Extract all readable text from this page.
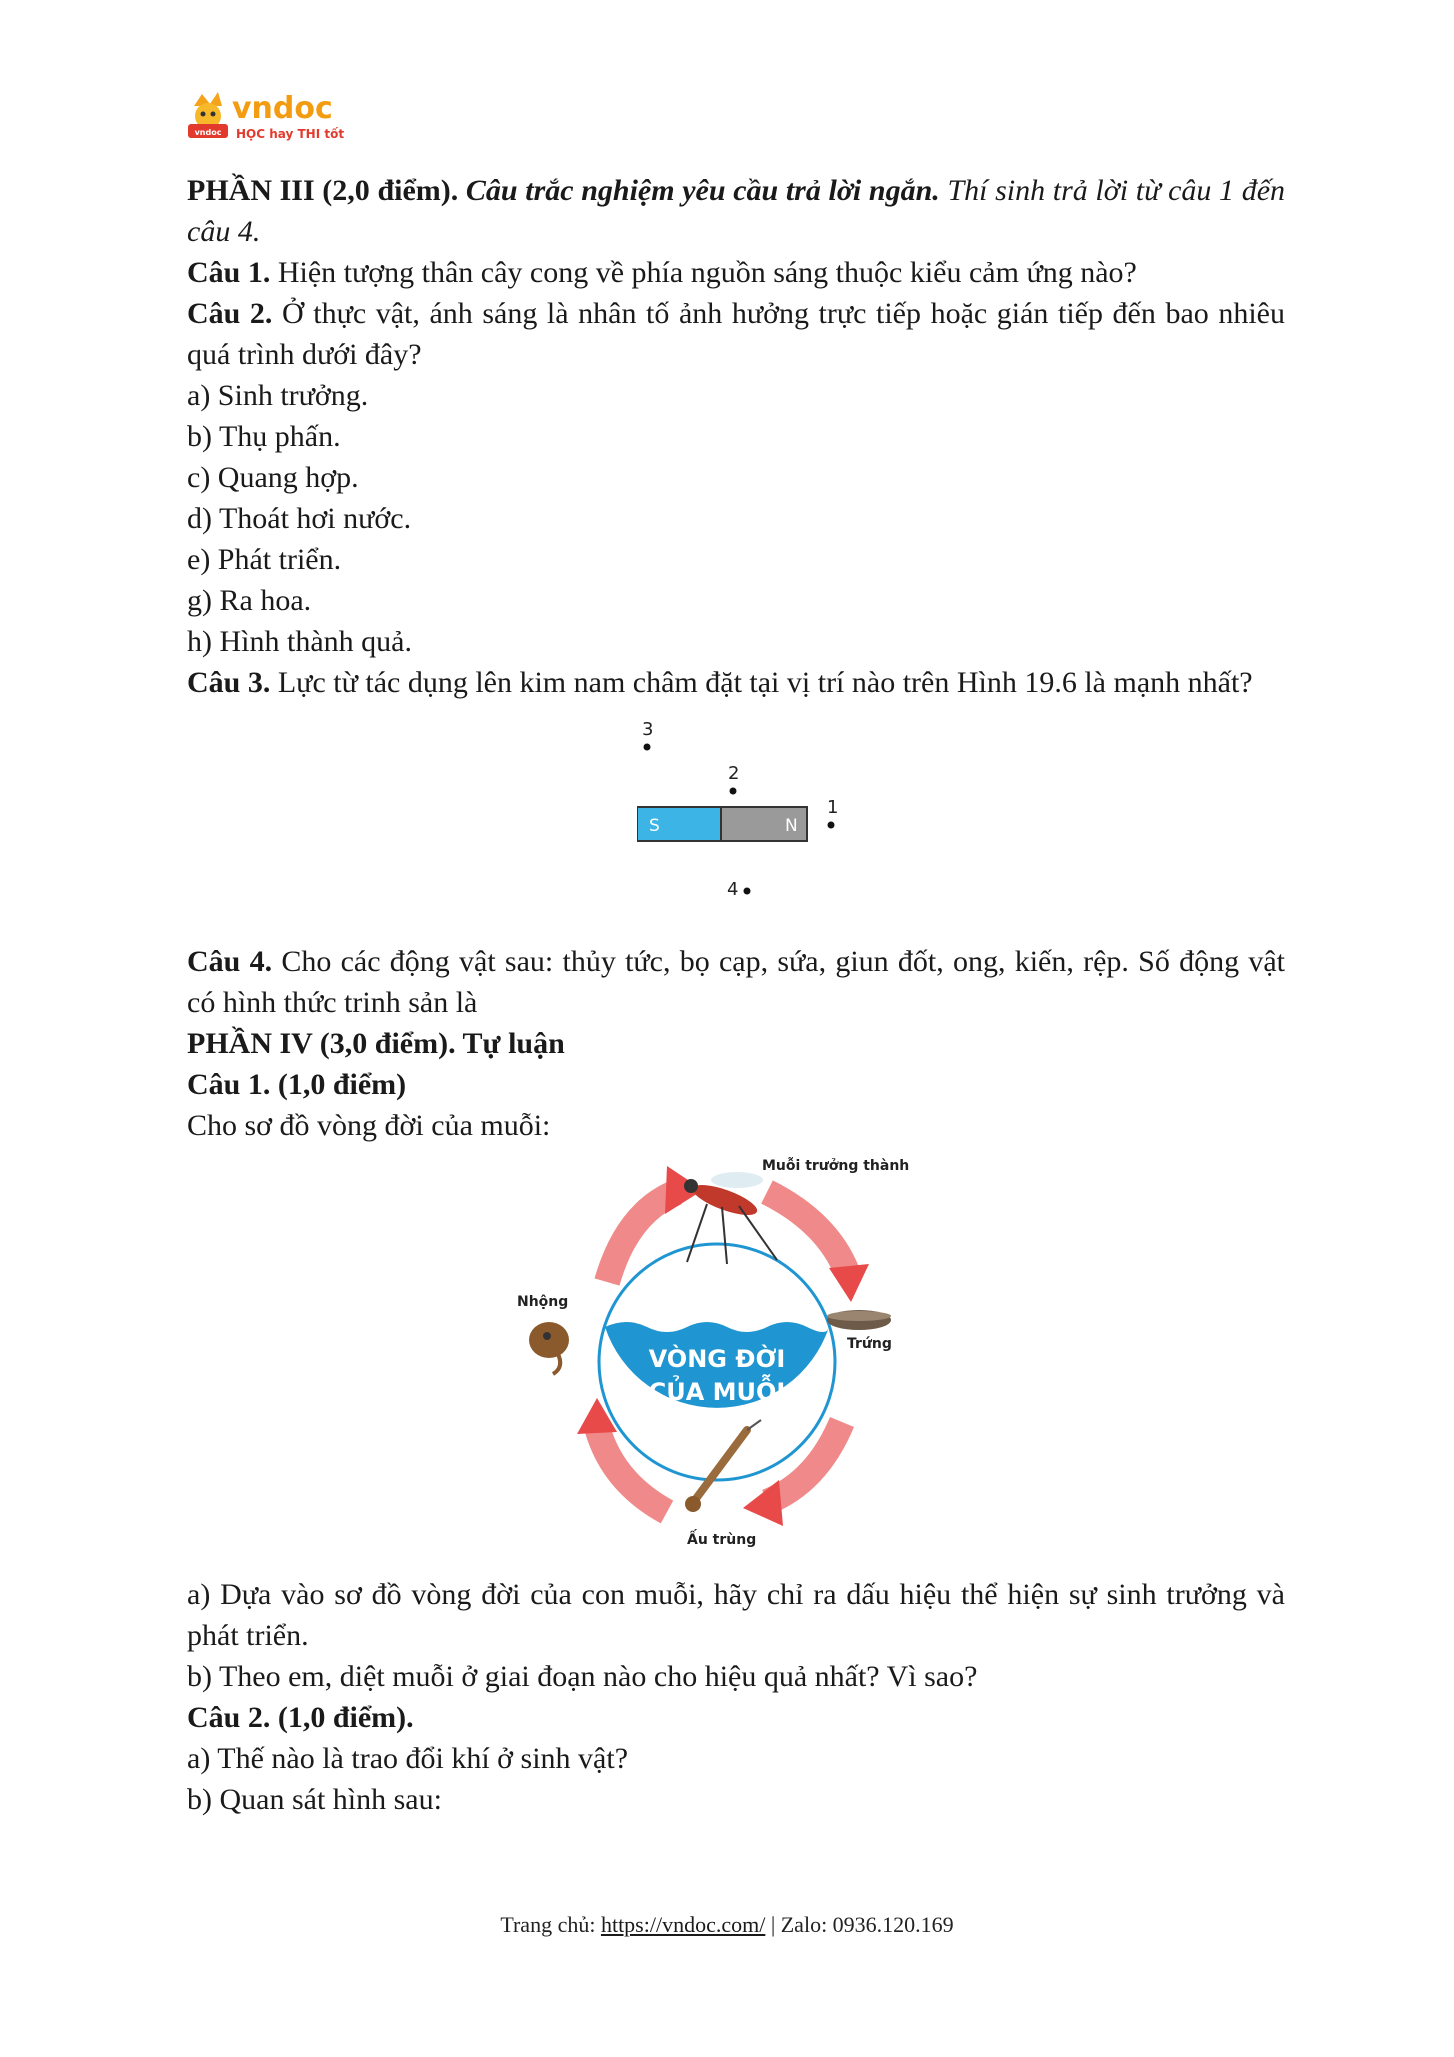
vndoc
vndoc
HỌC hay THI tốt

PHẦN III (2,0 điểm). Câu trắc nghiệm yêu cầu trả lời ngắn. Thí sinh trả lời từ câu 1 đến câu 4.

Câu 1. Hiện tượng thân cây cong về phía nguồn sáng thuộc kiểu cảm ứng nào?

Câu 2. Ở thực vật, ánh sáng là nhân tố ảnh hưởng trực tiếp hoặc gián tiếp đến bao nhiêu quá trình dưới đây?

a) Sinh trưởng.

b) Thụ phấn.

c) Quang hợp.

d) Thoát hơi nước.

e) Phát triển.

g) Ra hoa.

h) Hình thành quả.

Câu 3. Lực từ tác dụng lên kim nam châm đặt tại vị trí nào trên Hình 19.6 là mạnh nhất?

3
2
S	N
1
4

Câu 4. Cho các động vật sau: thủy tức, bọ cạp, sứa, giun đốt, ong, kiến, rệp. Số động vật có hình thức trinh sản là

PHẦN IV (3,0 điểm). Tự luận

Câu 1. (1,0 điểm)

Cho sơ đồ vòng đời của muỗi:

VÒNG ĐỜI
CỦA MUỖI
Muỗi trưởng thành
Trứng
Ấu trùng
Nhộng

a) Dựa vào sơ đồ vòng đời của con muỗi, hãy chỉ ra dấu hiệu thể hiện sự sinh trưởng và phát triển.

b) Theo em, diệt muỗi ở giai đoạn nào cho hiệu quả nhất? Vì sao?

Câu 2. (1,0 điểm).

a) Thế nào là trao đổi khí ở sinh vật?

b) Quan sát hình sau:

Trang chủ: https://vndoc.com/ | Zalo: 0936.120.169
